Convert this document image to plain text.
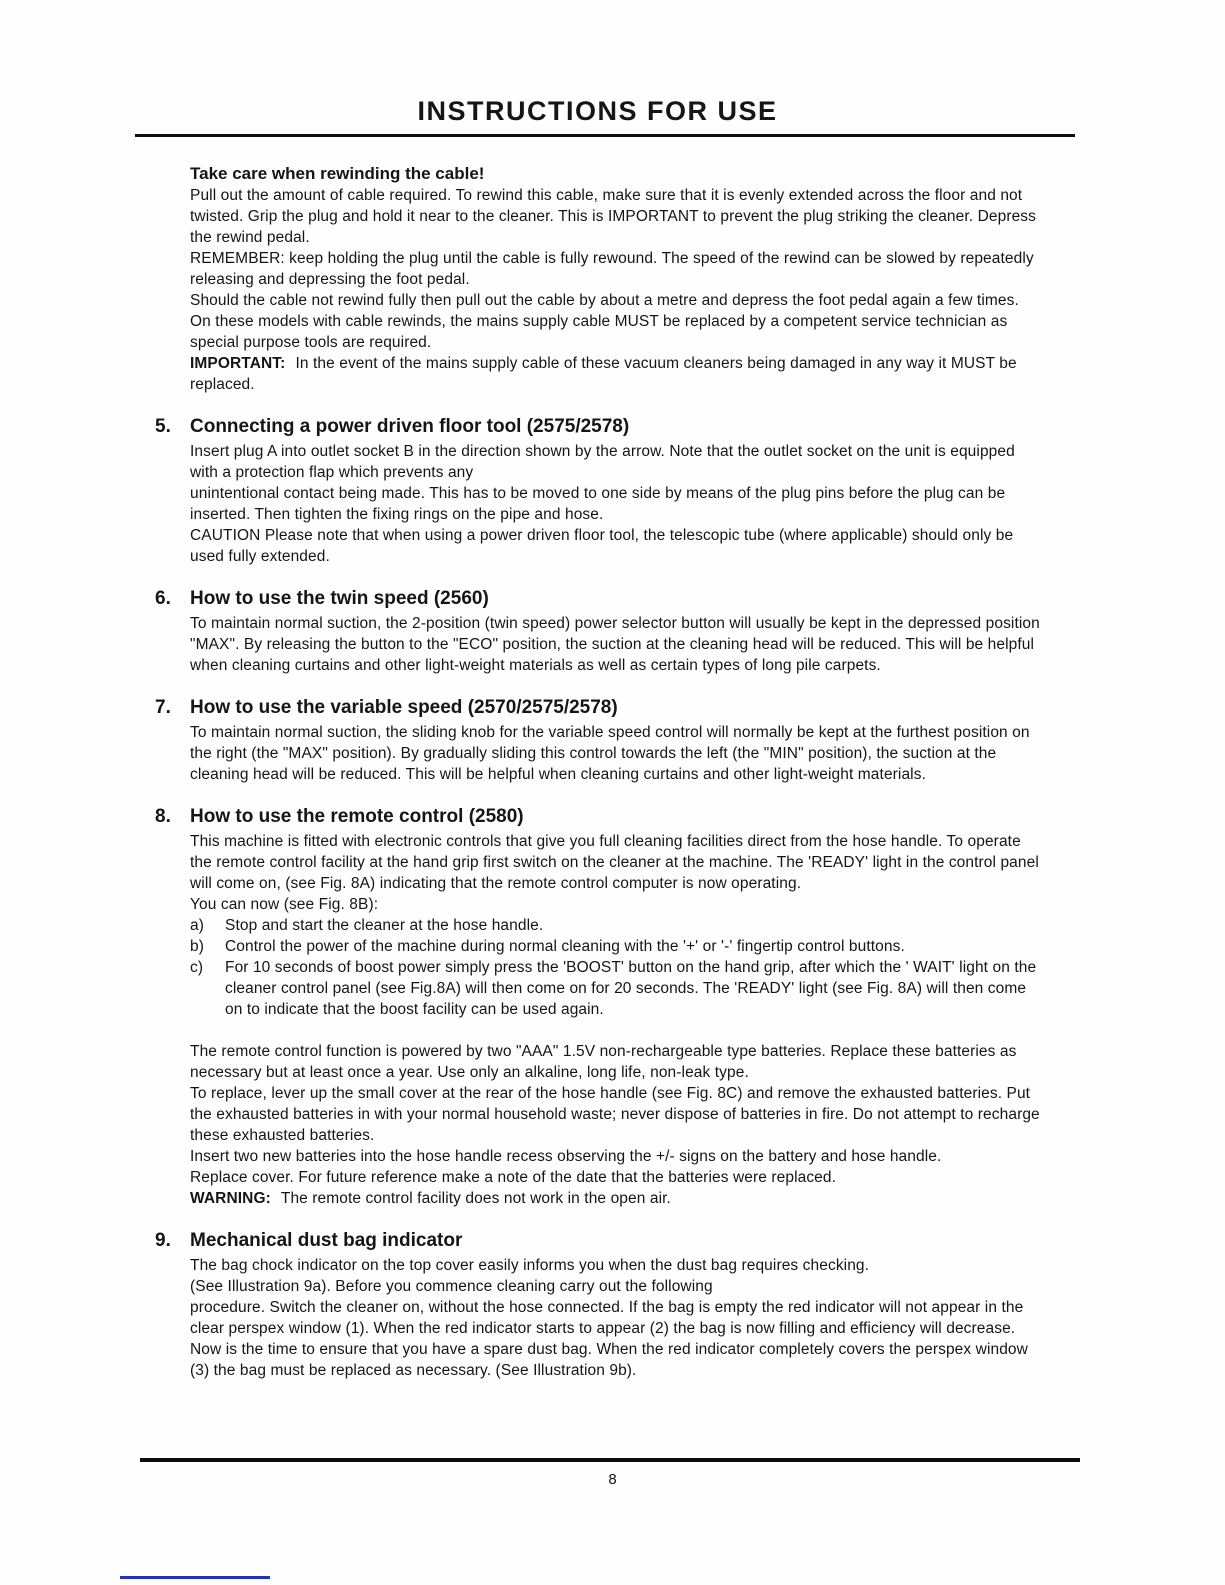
INSTRUCTIONS FOR USE
Take care when rewinding the cable!

Pull out the amount of cable required. To rewind this cable, make sure that it is evenly extended across the floor and not twisted. Grip the plug and hold it near to the cleaner. This is IMPORTANT to prevent the plug striking the cleaner. Depress the rewind pedal.

REMEMBER: keep holding the plug until the cable is fully rewound. The speed of the rewind can be slowed by repeatedly releasing and depressing the foot pedal.

Should the cable not rewind fully then pull out the cable by about a metre and depress the foot pedal again a few times.

On these models with cable rewinds, the mains supply cable MUST be replaced by a competent service technician as special purpose tools are required.

IMPORTANT: In the event of the mains supply cable of these vacuum cleaners being damaged in any way it MUST be replaced.

5. Connecting a power driven floor tool (2575/2578)

Insert plug A into outlet socket B in the direction shown by the arrow. Note that the outlet socket on the unit is equipped with a protection flap which prevents any

unintentional contact being made. This has to be moved to one side by means of the plug pins before the plug can be inserted. Then tighten the fixing rings on the pipe and hose.

CAUTION Please note that when using a power driven floor tool, the telescopic tube (where applicable) should only be used fully extended.

6. How to use the twin speed (2560)

To maintain normal suction, the 2-position (twin speed) power selector button will usually be kept in the depressed position "MAX". By releasing the button to the "ECO" position, the suction at the cleaning head will be reduced. This will be helpful when cleaning curtains and other light-weight materials as well as certain types of long pile carpets.

7. How to use the variable speed (2570/2575/2578)

To maintain normal suction, the sliding knob for the variable speed control will normally be kept at the furthest position on the right (the "MAX" position). By gradually sliding this control towards the left (the "MIN" position), the suction at the cleaning head will be reduced. This will be helpful when cleaning curtains and other light-weight materials.

8. How to use the remote control (2580)

This machine is fitted with electronic controls that give you full cleaning facilities direct from the hose handle. To operate the remote control facility at the hand grip first switch on the cleaner at the machine. The 'READY' light in the control panel will come on, (see Fig. 8A) indicating that the remote control computer is now operating.

You can now (see Fig. 8B):

a)	Stop and start the cleaner at the hose handle.
b)	Control the power of the machine during normal cleaning with the '+' or '-' fingertip control buttons.
c)	For 10 seconds of boost power simply press the 'BOOST' button on the hand grip, after which the ' WAIT' light on the cleaner control panel (see Fig.8A) will then come on for 20 seconds. The 'READY' light (see Fig. 8A) will then come on to indicate that the boost facility can be used again.

The remote control function is powered by two "AAA" 1.5V non-rechargeable type batteries. Replace these batteries as necessary but at least once a year. Use only an alkaline, long life, non-leak type.

To replace, lever up the small cover at the rear of the hose handle (see Fig. 8C) and remove the exhausted batteries. Put the exhausted batteries in with your normal household waste; never dispose of batteries in fire. Do not attempt to recharge these exhausted batteries.

Insert two new batteries into the hose handle recess observing the +/- signs on the battery and hose handle.

Replace cover. For future reference make a note of the date that the batteries were replaced.

WARNING: The remote control facility does not work in the open air.

9. Mechanical dust bag indicator

The bag chock indicator on the top cover easily informs you when the dust bag requires checking.

(See Illustration 9a). Before you commence cleaning carry out the following

procedure. Switch the cleaner on, without the hose connected. If the bag is empty the red indicator will not appear in the clear perspex window (1). When the red indicator starts to appear (2) the bag is now filling and efficiency will decrease. Now is the time to ensure that you have a spare dust bag. When the red indicator completely covers the perspex window (3) the bag must be replaced as necessary. (See Illustration 9b).

8
